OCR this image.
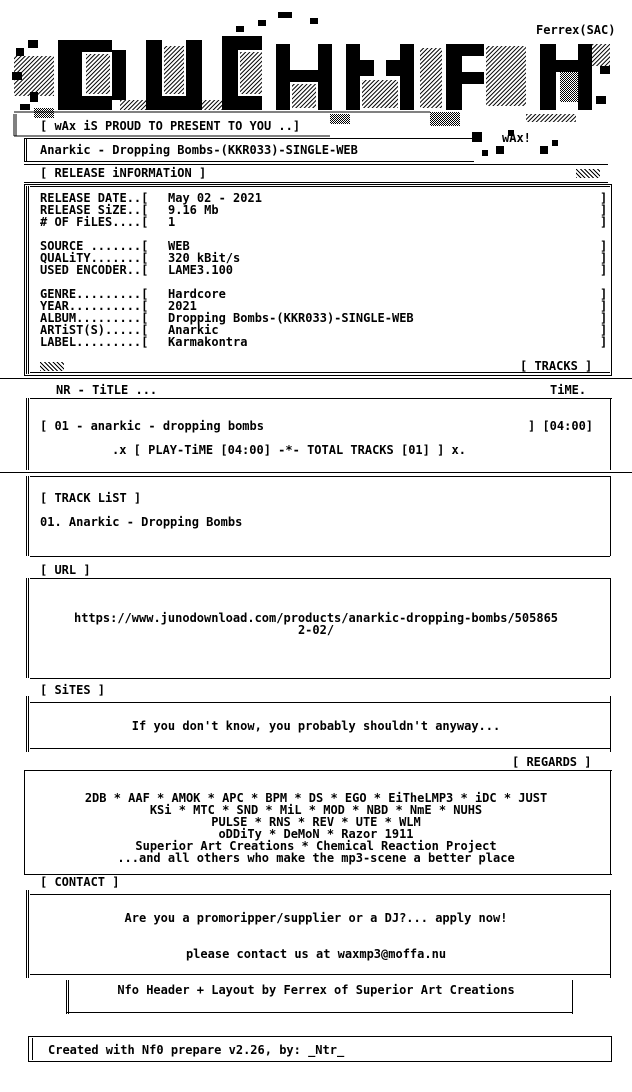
Ferrex(SAC)
[ wAx iS PROUD TO PRESENT TO YOU ..]
wAx!
Anarkic - Dropping Bombs-(KKR033)-SINGLE-WEB
[ RELEASE iNFORMATiON ]
RELEASE DATE..[ May 02 - 2021	]
RELEASE SiZE..[ 9.16 Mb	]
# OF FiLES....[ 1	]
SOURCE .......[ WEB	]
QUALiTY.......[ 320 kBit/s	]
USED ENCODER..[ LAME3.100	]
GENRE.........[ Hardcore	]
YEAR..........[ 2021	]
ALBUM.........[ Dropping Bombs-(KKR033)-SINGLE-WEB	]
ARTiST(S).....[ Anarkic	]
LABEL.........[ Karmakontra	]
[ TRACKS ]
NR - TiTLE ...	TiME.
[ 01 - anarkic - dropping bombs	] [04:00]
.x [ PLAY-TiME [04:00] -*- TOTAL TRACKS [01] ] x.
[ TRACK LiST ]
01. Anarkic - Dropping Bombs
[ URL ]
https://www.junodownload.com/products/anarkic-dropping-bombs/505865
2-02/
[ SiTES ]
If you don't know, you probably shouldn't anyway...
[ REGARDS ]
2DB * AAF * AMOK * APC * BPM * DS * EGO * EiTheLMP3 * iDC * JUST
KSi * MTC * SND * MiL * MOD * NBD * NmE * NUHS
PULSE * RNS * REV * UTE * WLM
oDDiTy * DeMoN * Razor 1911
Superior Art Creations * Chemical Reaction Project
...and all others who make the mp3-scene a better place
[ CONTACT ]
Are you a promoripper/supplier or a DJ?... apply now!
please contact us at waxmp3@moffa.nu
Nfo Header + Layout by Ferrex of Superior Art Creations
Created with Nf0 prepare v2.26, by: _Ntr_
